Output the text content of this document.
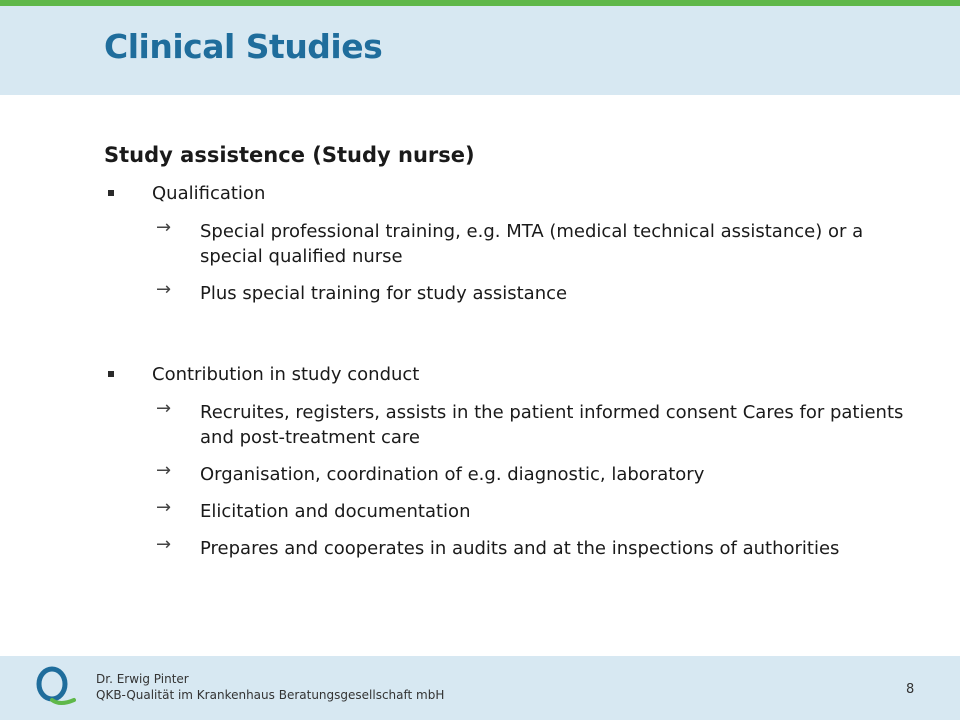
Clinical Studies
Study assistence (Study nurse)
Qualification
→ Special professional training, e.g. MTA (medical technical assistance) or a special qualified nurse
→ Plus special training for study assistance
Contribution in study conduct
→ Recruites, registers, assists in the patient informed consent Cares for patients and post-treatment care
→ Organisation, coordination of e.g. diagnostic, laboratory
→ Elicitation and documentation
→ Prepares and cooperates in audits and at the inspections of authorities
Dr. Erwig Pinter
QKB-Qualität im Krankenhaus Beratungsgesellschaft mbH	8
